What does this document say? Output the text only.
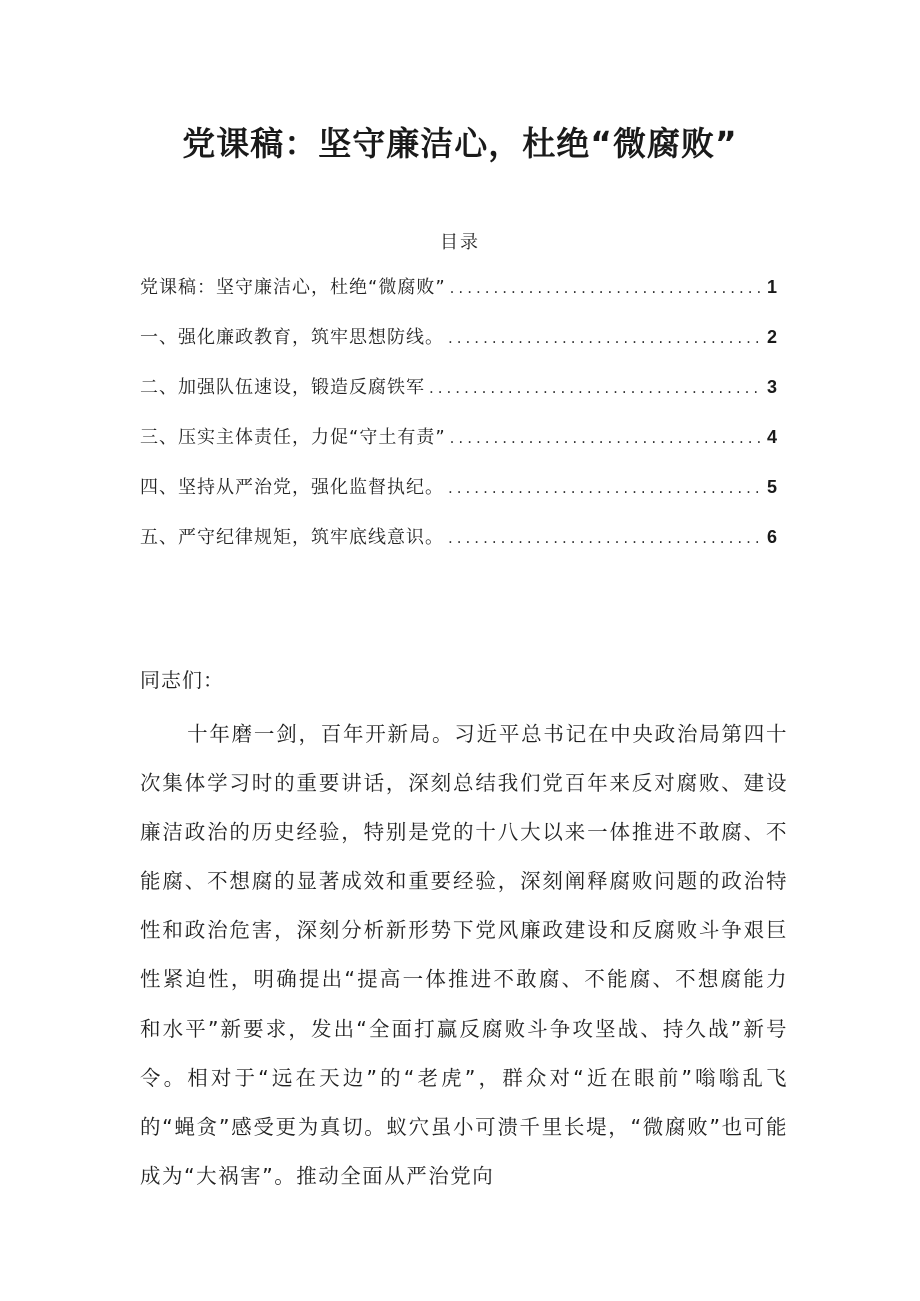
党课稿：坚守廉洁心，杜绝“微腐败”
目录
党课稿：坚守廉洁心，杜绝“微腐败” .....	1
一、强化廉政教育，筑牢思想防线。 .....	2
二、加强队伍速设，锻造反腐铁军 .....	3
三、压实主体责任，力促“守土有责” .....	4
四、坚持从严治党，强化监督执纪。 .....	5
五、严守纪律规矩，筑牢底线意识。 .....	6
同志们：

十年磨一剑，百年开新局。习近平总书记在中央政治局第四十次集体学习时的重要讲话，深刻总结我们党百年来反对腐败、建设廉洁政治的历史经验，特别是党的十八大以来一体推进不敢腐、不能腐、不想腐的显著成效和重要经验，深刻阐释腐败问题的政治特性和政治危害，深刻分析新形势下党风廉政建设和反腐败斗争艰巨性紧迫性，明确提出“提高一体推进不敢腐、不能腐、不想腐能力和水平”新要求，发出“全面打赢反腐败斗争攻坚战、持久战”新号令。相对于“远在天边”的“老虎”，群众对“近在眼前”嗡嗡乱飞的“蝇贪”感受更为真切。蚁穴虽小可溃千里长堤，“微腐败”也可能成为“大祸害”。推动全面从严治党向
